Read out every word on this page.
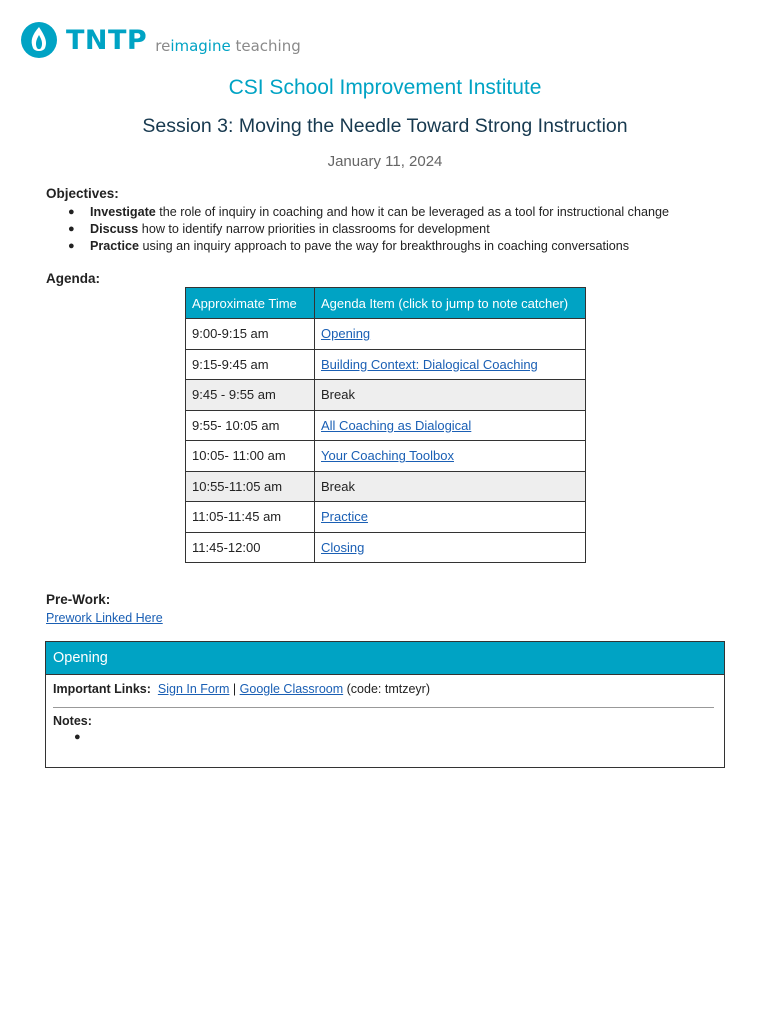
TNTP reimagine teaching
CSI School Improvement Institute
Session 3: Moving the Needle Toward Strong Instruction
January 11, 2024
Objectives:
● Investigate the role of inquiry in coaching and how it can be leveraged as a tool for instructional change
● Discuss how to identify narrow priorities in classrooms for development
● Practice using an inquiry approach to pave the way for breakthroughs in coaching conversations
Agenda:
Approximate Time	Agenda Item (click to jump to note catcher)
9:00-9:15 am	Opening
9:15-9:45 am	Building Context: Dialogical Coaching
9:45 - 9:55 am	Break
9:55- 10:05 am	All Coaching as Dialogical
10:05- 11:00 am	Your Coaching Toolbox
10:55-11:05 am	Break
11:05-11:45 am	Practice
11:45-12:00	Closing
Pre-Work:
Prework Linked Here
Opening
Important Links: Sign In Form | Google Classroom (code: tmtzeyr)
Notes:
●
